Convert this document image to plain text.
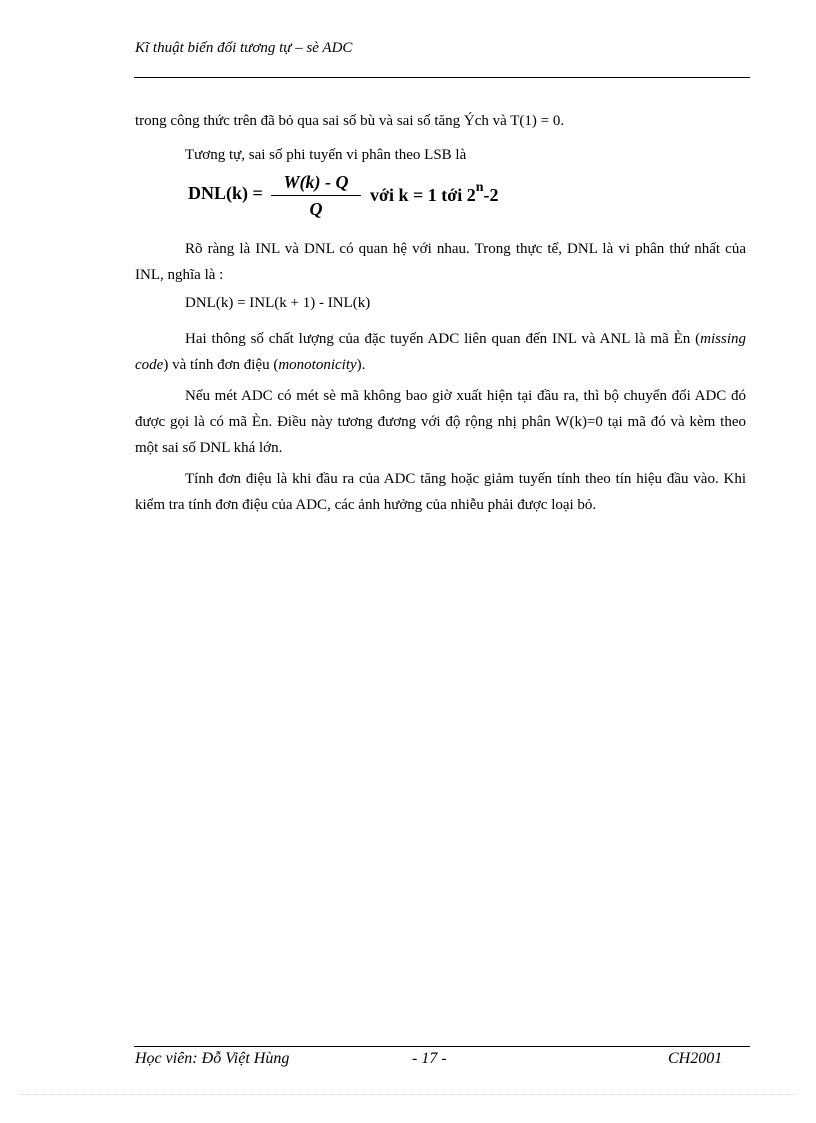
Kĩ thuật biến đổi tương tự – sè ADC
trong công thức trên đã bỏ qua sai số bù và sai số tăng Ých và T(1) = 0.
Tương tự, sai số phi tuyến vi phân theo LSB là
DNL(k) =
W(k) - Q
Q
với k = 1 tới 2$^n$-2
Rõ ràng là INL và DNL có quan hệ với nhau. Trong thực tế, DNL là vi phân thứ nhất của INL, nghĩa là :
DNL(k) = INL(k + 1) - INL(k)
Hai thông số chất lượng của đặc tuyến ADC liên quan đến INL và ANL là mã Èn (missing code) và tính đơn điệu (monotonicity).
Nếu mét ADC có mét sè mã không bao giờ xuất hiện tại đầu ra, thì bộ chuyển đổi ADC đó được gọi là có mã Èn. Điều này tương đương với độ rộng nhị phân W(k)=0 tại mã đó và kèm theo một sai số DNL khá lớn.
Tính đơn điệu là khi đầu ra của ADC tăng hoặc giảm tuyến tính theo tín hiệu đầu vào. Khi kiểm tra tính đơn điệu của ADC, các ảnh hưởng của nhiễu phải được loại bỏ.
Học viên: Đỗ Việt Hùng	- 17 -	CH2001
